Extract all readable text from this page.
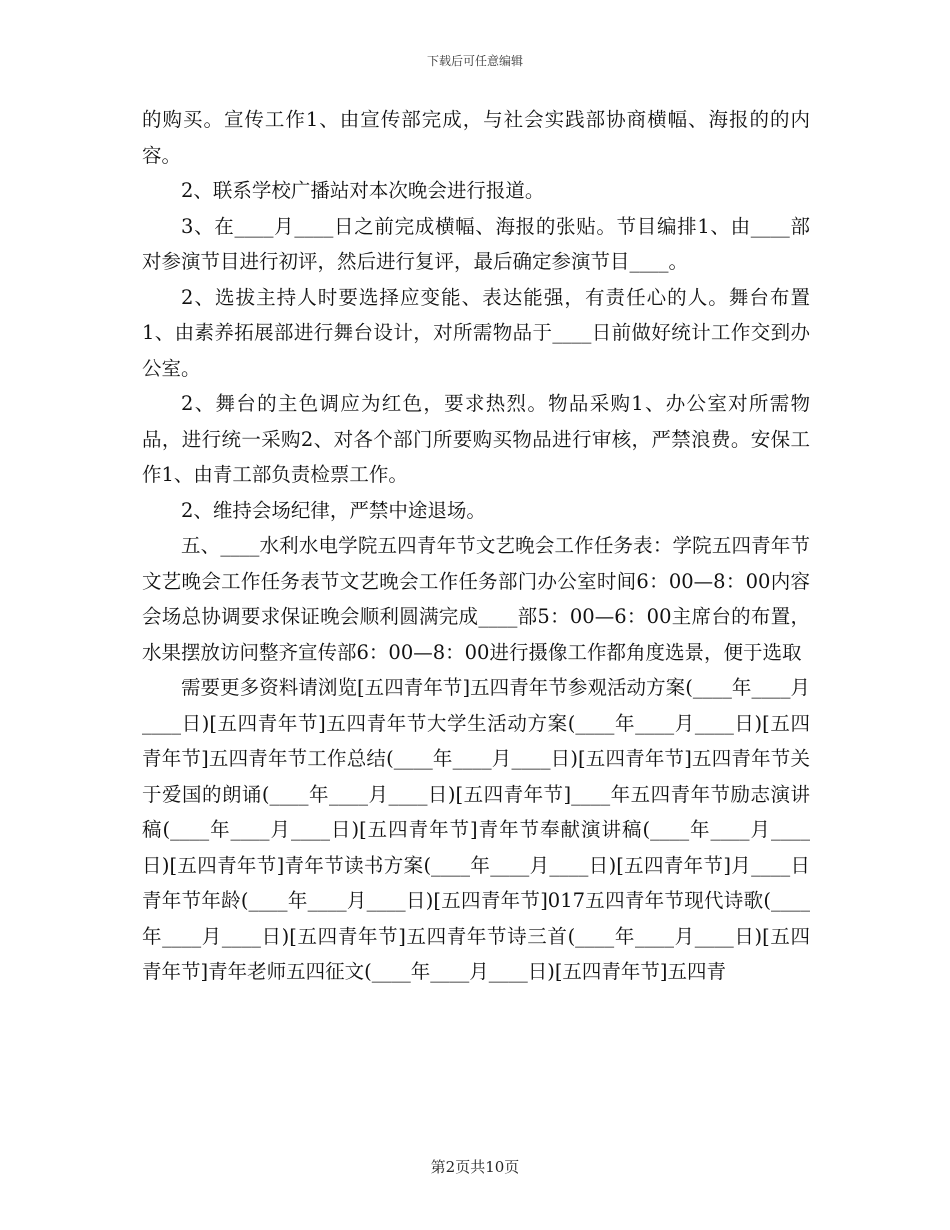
下载后可任意编辑

的购买。宣传工作1、由宣传部完成，与社会实践部协商横幅、海报的的内容。

2、联系学校广播站对本次晚会进行报道。

3、在____月____日之前完成横幅、海报的张贴。节目编排1、由____部对参演节目进行初评，然后进行复评，最后确定参演节目____。

2、选拔主持人时要选择应变能、表达能强，有责任心的人。舞台布置1、由素养拓展部进行舞台设计，对所需物品于____日前做好统计工作交到办公室。

2、舞台的主色调应为红色，要求热烈。物品采购1、办公室对所需物品，进行统一采购2、对各个部门所要购买物品进行审核，严禁浪费。安保工作1、由青工部负责检票工作。

2、维持会场纪律，严禁中途退场。

五、____水利水电学院五四青年节文艺晚会工作任务表：学院五四青年节文艺晚会工作任务表节文艺晚会工作任务部门办公室时间6：00—8：00内容会场总协调要求保证晚会顺利圆满完成____部5：00—6：00主席台的布置，水果摆放访问整齐宣传部6：00—8：00进行摄像工作都角度选景，便于选取

需要更多资料请浏览[五四青年节]五四青年节参观活动方案(____年____月____日)[五四青年节]五四青年节大学生活动方案(____年____月____日)[五四青年节]五四青年节工作总结(____年____月____日)[五四青年节]五四青年节关于爱国的朗诵(____年____月____日)[五四青年节]____年五四青年节励志演讲稿(____年____月____日)[五四青年节]青年节奉献演讲稿(____年____月____日)[五四青年节]青年节读书方案(____年____月____日)[五四青年节]月____日青年节年龄(____年____月____日)[五四青年节]017五四青年节现代诗歌(____年____月____日)[五四青年节]五四青年节诗三首(____年____月____日)[五四青年节]青年老师五四征文(____年____月____日)[五四青年节]五四青

第2页共10页
